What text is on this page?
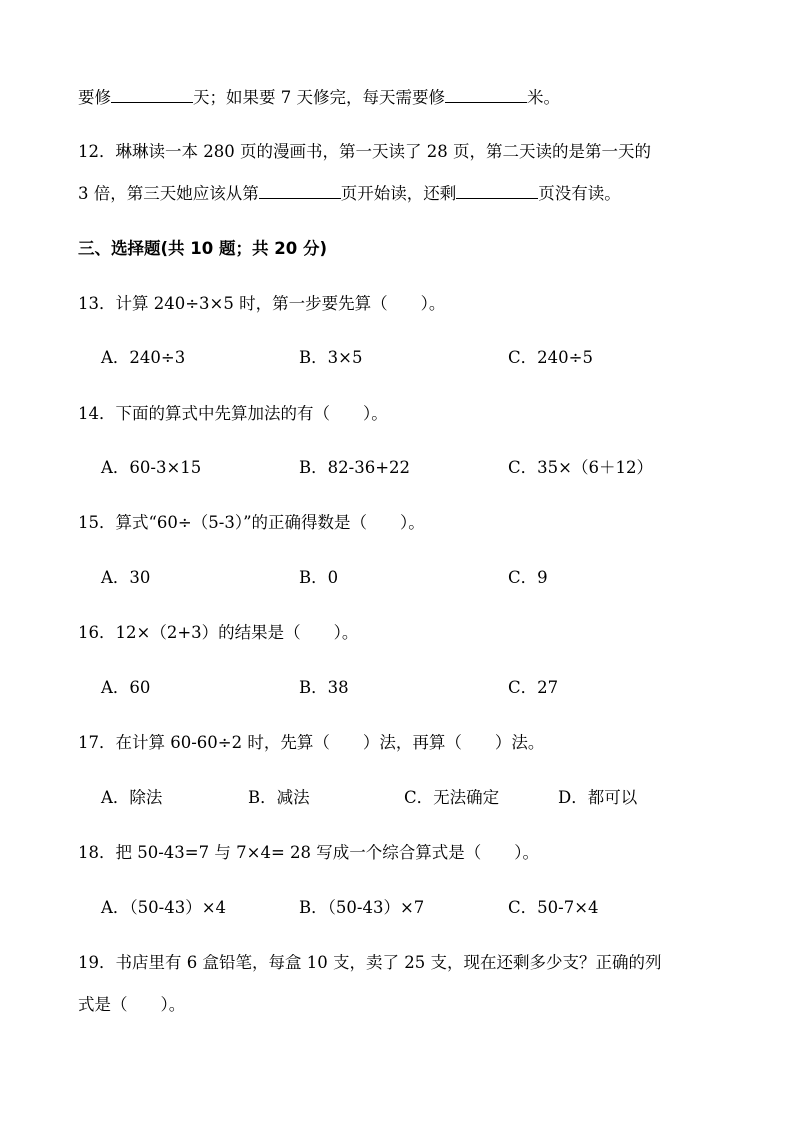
要修	天；如果要 7 天修完，每天需要修	米。
12．琳琳读一本 280 页的漫画书，第一天读了 28 页，第二天读的是第一天的
3 倍，第三天她应该从第	页开始读，还剩	页没有读。
三、选择题(共 10 题；共 20 分)
13．计算 240÷3×5 时，第一步要先算（　　）。
A．240÷3	B．3×5	C．240÷5
14．下面的算式中先算加法的有（　　）。
A．60-3×15	B．82-36+22	C．35×（6＋12）
15．算式“60÷（5-3）”的正确得数是（　　）。
A．30	B．0	C．9
16．12×（2+3）的结果是（　　）。
A．60	B．38	C．27
17．在计算 60-60÷2 时，先算（　　）法，再算（　　）法。
A．除法	B．减法	C．无法确定	D．都可以
18．把 50-43=7 与 7×4= 28 写成一个综合算式是（　　）。
A．（50-43）×4	B．（50-43）×7	C．50-7×4
19．书店里有 6 盒铅笔，每盒 10 支，卖了 25 支，现在还剩多少支？正确的列
式是（　　）。
